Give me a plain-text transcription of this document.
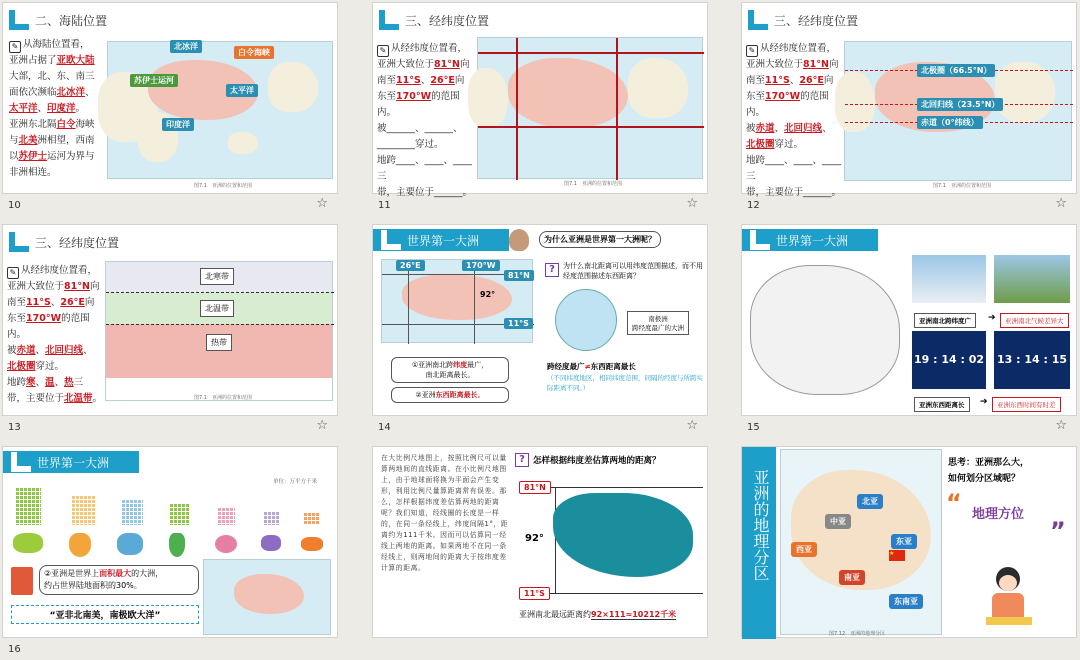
二、海陆位置
✎ 从海陆位置看，
亚洲占据了亚欧大陆
大部，北、东、南三
面依次濒临北冰洋、
太平洋、印度洋。
亚洲东北隔白令海峡
与北美洲相望，西南
以苏伊士运河为界与
非洲相连。
北冰洋
白令海峡
苏伊士运河
太平洋
印度洋
图7.1　亚洲的位置和范围
10	☆
三、经纬度位置
✎ 从经纬度位置看，
亚洲大致位于81°N向
南至11°S、26°E向
东至170°W的范围内。
被______、______、
________穿过。
地跨____、____、____三
带，主要位于______。
图7.1　亚洲的位置和范围
11	☆
三、经纬度位置
✎ 从经纬度位置看，
亚洲大致位于81°N向
南至11°S、26°E向
东至170°W的范围内。
被赤道、北回归线、
北极圈穿过。
地跨____、____、____三
带，主要位于______。
北极圈（66.5°N）
北回归线（23.5°N）
赤道（0°纬线）
图7.1　亚洲的位置和范围
12	☆
三、经纬度位置
✎ 从经纬度位置看，
亚洲大致位于81°N向
南至11°S、26°E向
东至170°W的范围内。
被赤道、北回归线、
北极圈穿过。
地跨寒、温、热三
带，主要位于北温带。
北寒带
北温带
热带
图7.1　亚洲的位置和范围
13	☆
世界第一大洲	为什么亚洲是世界第一大洲呢？
26°E	170°W
81°N
11°S
92°
①亚洲南北跨纬度最广，
南北距离最长。
②亚洲东西距离最长。
?	为什么南北距离可以用纬度范围描述，而不用经度范围描述东西距离？
南极洲
跨经度最广的大洲
跨经度最广≠东西距离最长
（不同纬度地区，相同纬度范围，同隔的经度与所跨实际距离不同。）
14	☆
世界第一大洲
亚洲南北跨纬度广	➔	亚洲南北气候差异大
19 : 14 : 02 13 : 14 : 15
亚洲东西距离长	➔	亚洲东西时间有时差
15	☆
世界第一大洲
单位：万平方千米
②亚洲是世界上面积最大的大洲，
约占世界陆地面积的30%。
“亚非北南美，南极欧大洋”
16
在大比例尺地图上，按照比例尺可以量算两地间的直线距离。在小比例尺地图上，由于地球面将换为平面会产生变形，利用比例尺量算距离常有误差。那么，怎样根据纬度差估算两地的距离呢？我们知道，经线圈的长度是一样的，在同一条经线上，纬度间隔1°，距离约为111千米。因而可以估算同一经线上两地的距离。如果两地不在同一条经线上，则两地间的距离大于按纬度差计算的距离。
? 怎样根据纬度差估算两地的距离？
81°N
92°
11°S
亚洲南北最远距离约92×111≈10212千米
亚洲的地理分区	北亚
中亚
东亚
西亚
南亚
东南亚
★
图7.12　亚洲的地理分区
思考：亚洲那么大，
如何划分区域呢？
“ 地理方位
”
